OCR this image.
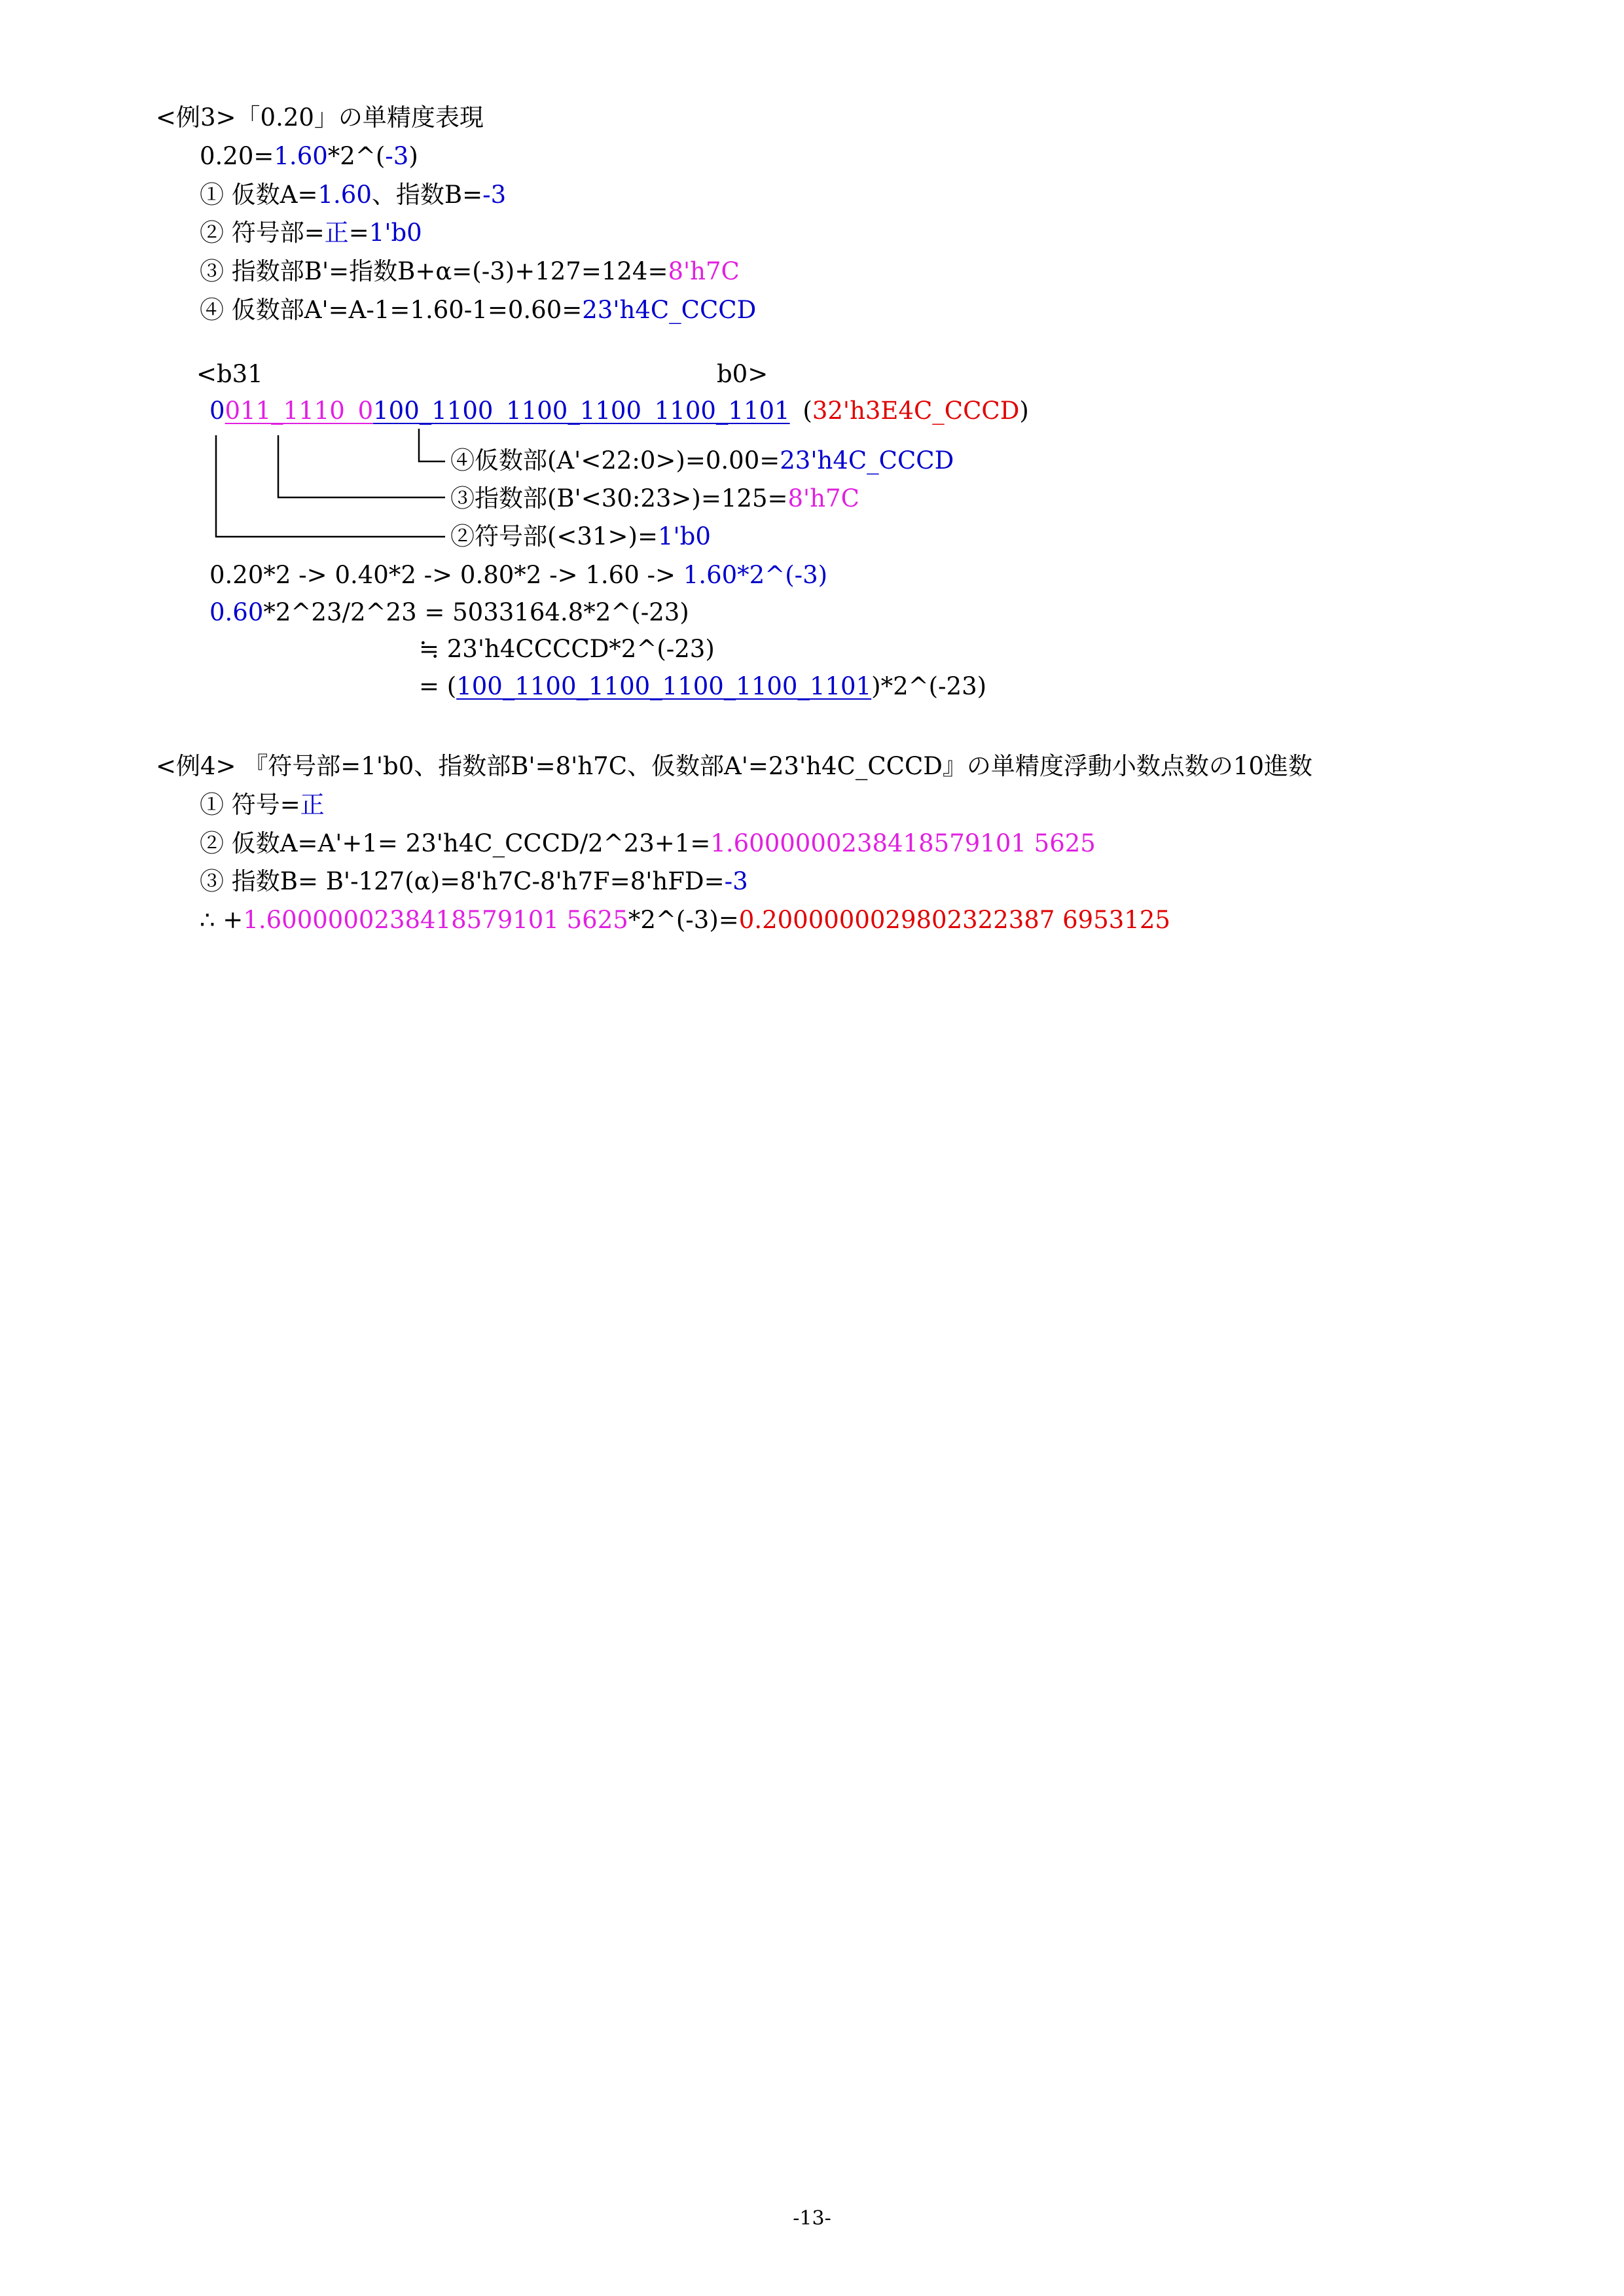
<例3>「0.20」の単精度表現
0.20=1.60*2^(-3)
① 仮数A=1.60、指数B=-3
② 符号部=正=1'b0
③ 指数部B'=指数B+α=(-3)+127=124=8'h7C
④ 仮数部A'=A-1=1.60-1=0.60=23'h4C_CCCD
<b31	b0>
0011_1110 0100_1100 1100_1100 1100_1101 (32'h3E4C_CCCD)
④仮数部(A'<22:0>)=0.00=23'h4C_CCCD
③指数部(B'<30:23>)=125=8'h7C
②符号部(<31>)=1'b0
0.20*2 -> 0.40*2 -> 0.80*2 -> 1.60 -> 1.60*2^(-3)
0.60*2^23/2^23 = 5033164.8*2^(-23)
≒ 23'h4CCCCD*2^(-23)
= (100_1100_1100_1100_1100_1101)*2^(-23)
<例4> 『符号部=1'b0、指数部B'=8'h7C、仮数部A'=23'h4C_CCCD』の単精度浮動小数点数の10進数
① 符号=正
② 仮数A=A'+1= 23'h4C_CCCD/2^23+1=1.6000000238418579101 5625
③ 指数B= B'-127(α)=8'h7C-8'h7F=8'hFD=-3
∴ +1.6000000238418579101 5625*2^(-3)=0.2000000029802322387 6953125
-13-
